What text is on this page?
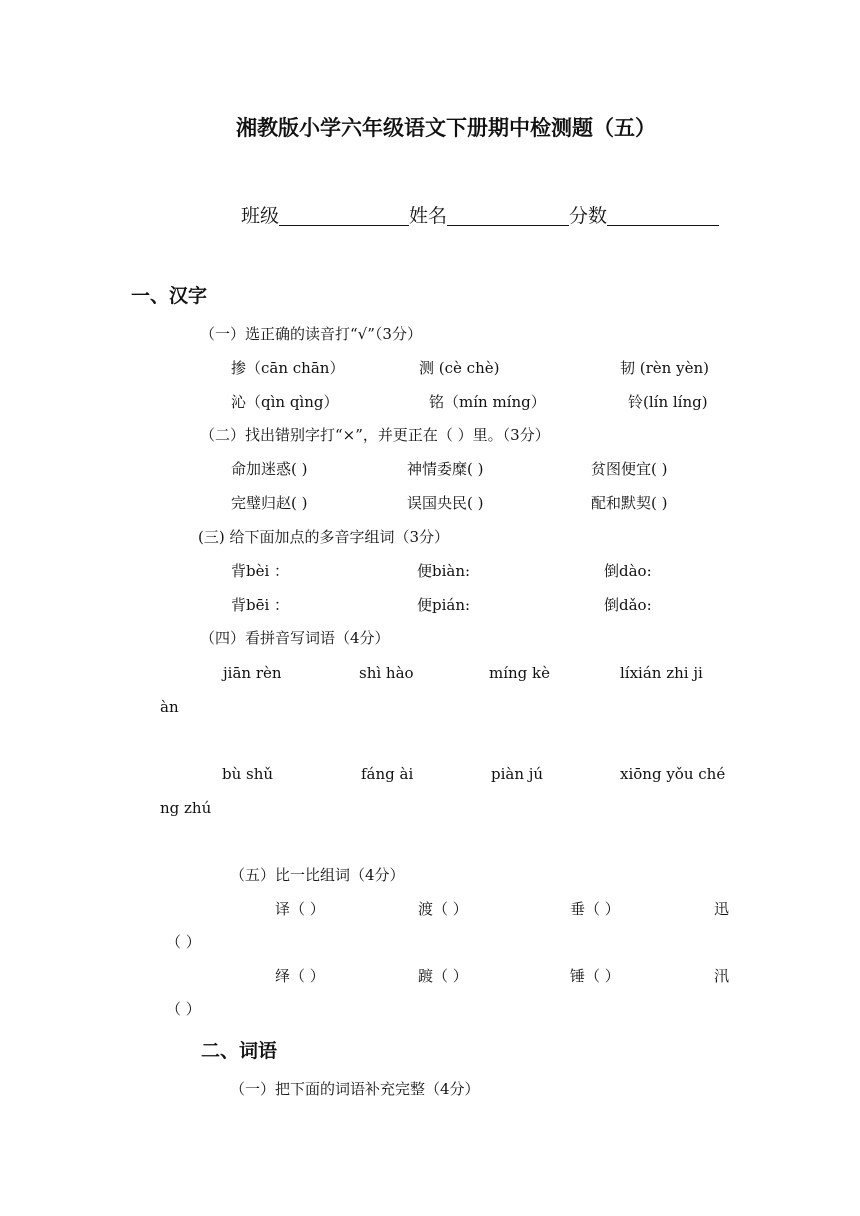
湘教版小学六年级语文下册期中检测题（五）
班级	姓名	分数
一、汉字
（一）选正确的读音打“√”（3分）
掺（cān chān）	测 (cè chè)	韧 (rèn yèn)
沁（qìn qìng）	铭（mín míng）	铃(lín líng)
（二）找出错别字打“×”，并更正在（ ）里。（3分）
命加迷惑( )	神情委糜( )	贫图便宜( )
完璧归赵( )	误国央民( )	配和默契( )
(三) 给下面加点的多音字组词（3分）
背bèi ：	便biàn:	倒dào:
背bēi ：	便pián:	倒dǎo:
（四）看拼音写词语（4分）
jiān rèn	shì hào	míng kè	líxián zhi ji
àn
bù shǔ	fáng ài	piàn jú	xiōng yǒu ché
ng zhú
（五）比一比组词（4分）
译（ ）	渡（ ）	垂（ ）	迅
（ ）
绎（ ）	踱（ ）	锤（ ）	汛
（ ）
二、词语
（一）把下面的词语补充完整（4分）
